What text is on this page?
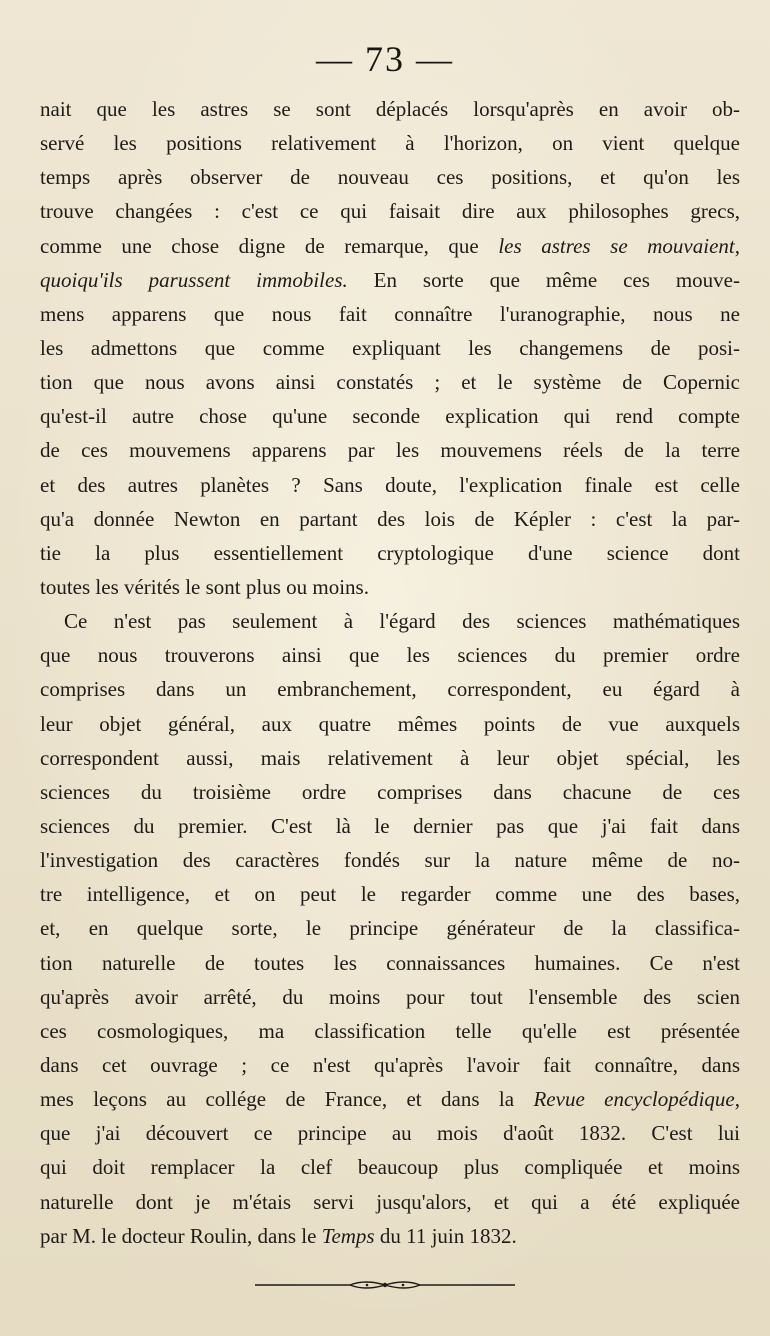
— 73 —
nait que les astres se sont déplacés lorsqu'après en avoir ob-
servé les positions relativement à l'horizon, on vient quelque
temps après observer de nouveau ces positions, et qu'on les
trouve changées : c'est ce qui faisait dire aux philosophes grecs,
comme une chose digne de remarque, que les astres se mouvaient,
quoiqu'ils parussent immobiles. En sorte que même ces mouve-
mens apparens que nous fait connaître l'uranographie, nous ne
les admettons que comme expliquant les changemens de posi-
tion que nous avons ainsi constatés ; et le système de Copernic
qu'est-il autre chose qu'une seconde explication qui rend compte
de ces mouvemens apparens par les mouvemens réels de la terre
et des autres planètes ? Sans doute, l'explication finale est celle
qu'a donnée Newton en partant des lois de Képler : c'est la par-
tie la plus essentiellement cryptologique d'une science dont
toutes les vérités le sont plus ou moins.
Ce n'est pas seulement à l'égard des sciences mathématiques
que nous trouverons ainsi que les sciences du premier ordre
comprises dans un embranchement, correspondent, eu égard à
leur objet général, aux quatre mêmes points de vue auxquels
correspondent aussi, mais relativement à leur objet spécial, les
sciences du troisième ordre comprises dans chacune de ces
sciences du premier. C'est là le dernier pas que j'ai fait dans
l'investigation des caractères fondés sur la nature même de no-
tre intelligence, et on peut le regarder comme une des bases,
et, en quelque sorte, le principe générateur de la classifica-
tion naturelle de toutes les connaissances humaines. Ce n'est
qu'après avoir arrêté, du moins pour tout l'ensemble des scien
ces cosmologiques, ma classification telle qu'elle est présentée
dans cet ouvrage ; ce n'est qu'après l'avoir fait connaître, dans
mes leçons au collége de France, et dans la Revue encyclopédique,
que j'ai découvert ce principe au mois d'août 1832. C'est lui
qui doit remplacer la clef beaucoup plus compliquée et moins
naturelle dont je m'étais servi jusqu'alors, et qui a été expliquée
par M. le docteur Roulin, dans le Temps du 11 juin 1832.
